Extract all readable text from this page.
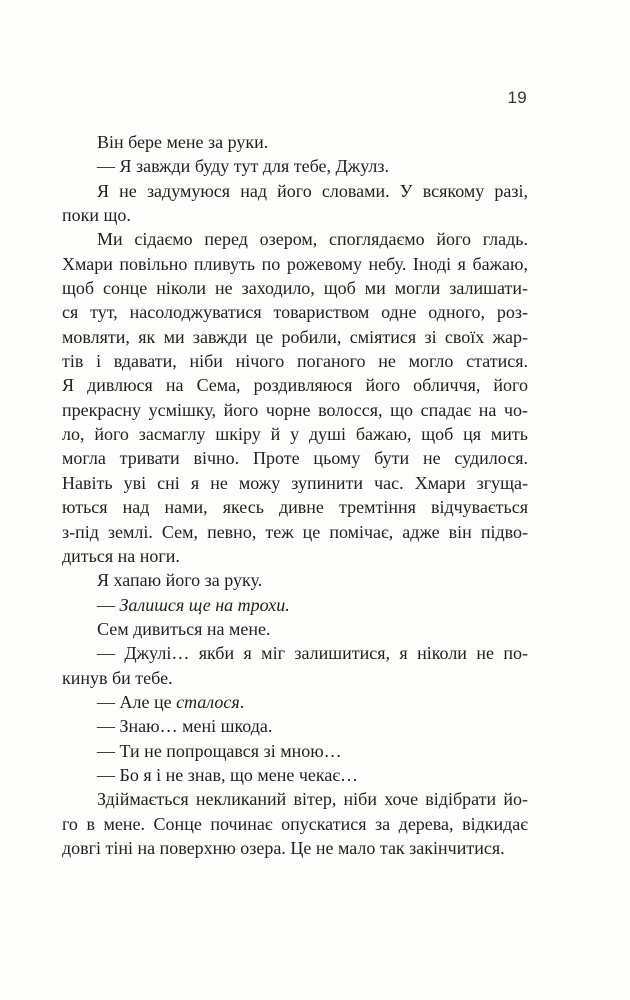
19
Він бере мене за руки.
— Я завжди буду тут для тебе, Джулз.
Я не задумуюся над його словами. У всякому разі,
поки що.
Ми сідаємо перед озером, споглядаємо його гладь.
Хмари повільно пливуть по рожевому небу. Іноді я бажаю,
щоб сонце ніколи не заходило, щоб ми могли залишати-
ся тут, насолоджуватися товариством одне одного, роз-
мовляти, як ми завжди це робили, сміятися зі своїх жар-
тів і вдавати, ніби нічого поганого не могло статися.
Я дивлюся на Сема, роздивляюся його обличчя, його
прекрасну усмішку, його чорне волосся, що спадає на чо-
ло, його засмаглу шкіру й у душі бажаю, щоб ця мить
могла тривати вічно. Проте цьому бути не судилося.
Навіть уві сні я не можу зупинити час. Хмари згуща-
ються над нами, якесь дивне тремтіння відчувається
з-під землі. Сем, певно, теж це помічає, адже він підво-
диться на ноги.
Я хапаю його за руку.
— Залишся ще на трохи.
Сем дивиться на мене.
— Джулі… якби я міг залишитися, я ніколи не по-
кинув би тебе.
— Але це сталося.
— Знаю… мені шкода.
— Ти не попрощався зі мною…
— Бо я і не знав, що мене чекає…
Здіймається некликаний вітер, ніби хоче відібрати йо-
го в мене. Сонце починає опускатися за дерева, відкидає
довгі тіні на поверхню озера. Це не мало так закінчитися.
